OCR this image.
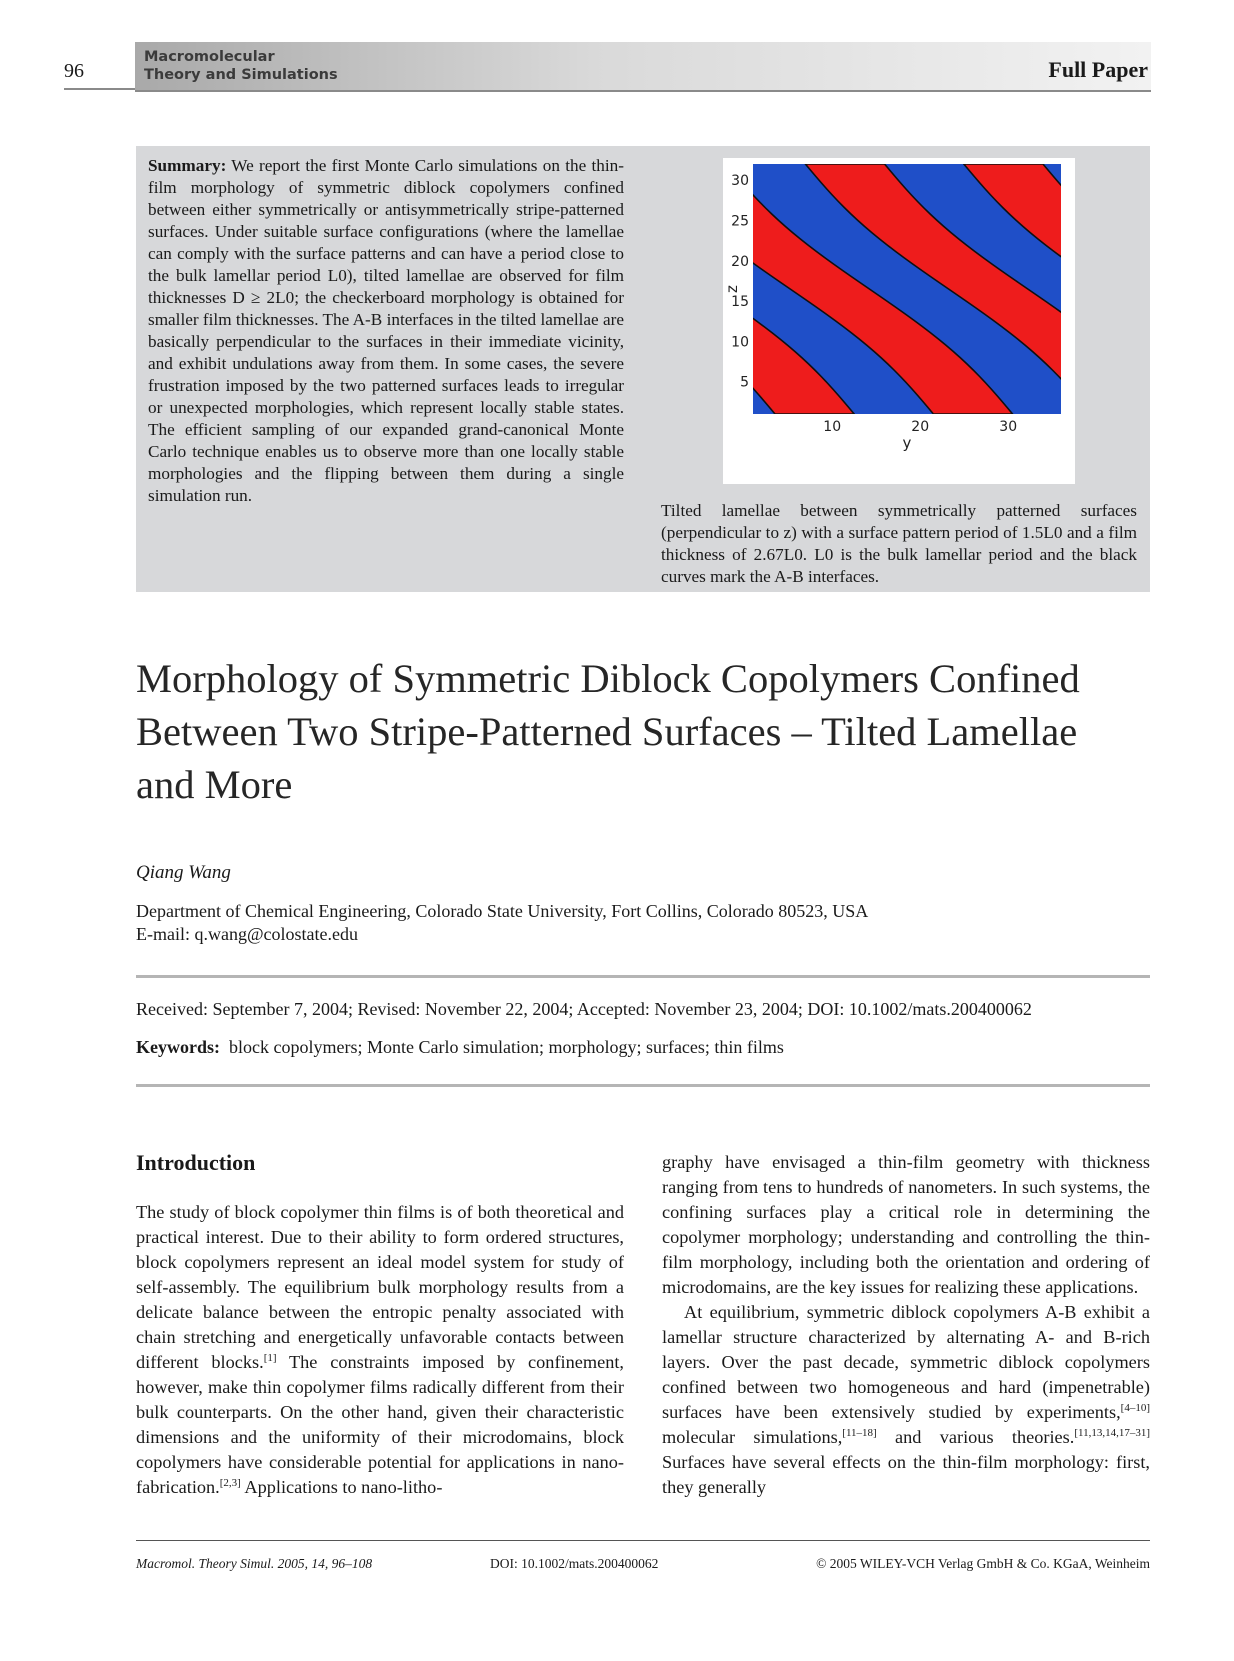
96
Macromolecular
Theory and Simulations	Full Paper
Summary: We report the first Monte Carlo simulations on the thin-film morphology of symmetric diblock copolymers confined between either symmetrically or antisymmetrically stripe-patterned surfaces. Under suitable surface configurations (where the lamellae can comply with the surface patterns and can have a period close to the bulk lamellar period L0), tilted lamellae are observed for film thicknesses D ≥ 2L0; the checkerboard morphology is obtained for smaller film thicknesses. The A-B interfaces in the tilted lamellae are basically perpendicular to the surfaces in their immediate vicinity, and exhibit undulations away from them. In some cases, the severe frustration imposed by the two patterned surfaces leads to irregular or unexpected morphologies, which represent locally stable states. The efficient sampling of our expanded grand-canonical Monte Carlo technique enables us to observe more than one locally stable morphologies and the flipping between them during a single simulation run.
5
10
15
20
25
30
10	20	30
z
y
Tilted lamellae between symmetrically patterned surfaces (perpendicular to z) with a surface pattern period of 1.5L0 and a film thickness of 2.67L0. L0 is the bulk lamellar period and the black curves mark the A-B interfaces.
Morphology of Symmetric Diblock Copolymers Confined Between Two Stripe-Patterned Surfaces – Tilted Lamellae and More
Qiang Wang
Department of Chemical Engineering, Colorado State University, Fort Collins, Colorado 80523, USA
E-mail: q.wang@colostate.edu
Received: September 7, 2004; Revised: November 22, 2004; Accepted: November 23, 2004; DOI: 10.1002/mats.200400062
Keywords: block copolymers; Monte Carlo simulation; morphology; surfaces; thin films
Introduction

The study of block copolymer thin films is of both theoretical and practical interest. Due to their ability to form ordered structures, block copolymers represent an ideal model system for study of self-assembly. The equilibrium bulk morphology results from a delicate balance between the entropic penalty associated with chain stretching and energetically unfavorable contacts between different blocks.[1] The constraints imposed by confinement, however, make thin copolymer films radically different from their bulk counterparts. On the other hand, given their characteristic dimensions and the uniformity of their microdomains, block copolymers have considerable potential for applications in nano-fabrication.[2,3] Applications to nano-litho-

graphy have envisaged a thin-film geometry with thickness ranging from tens to hundreds of nanometers. In such systems, the confining surfaces play a critical role in determining the copolymer morphology; understanding and controlling the thin-film morphology, including both the orientation and ordering of microdomains, are the key issues for realizing these applications.

At equilibrium, symmetric diblock copolymers A-B exhibit a lamellar structure characterized by alternating A- and B-rich layers. Over the past decade, symmetric diblock copolymers confined between two homogeneous and hard (impenetrable) surfaces have been extensively studied by experiments,[4–10] molecular simulations,[11–18] and various theories.[11,13,14,17–31] Surfaces have several effects on the thin-film morphology: first, they generally

Macromol. Theory Simul. 2005, 14, 96–108	DOI: 10.1002/mats.200400062	© 2005 WILEY-VCH Verlag GmbH & Co. KGaA, Weinheim
